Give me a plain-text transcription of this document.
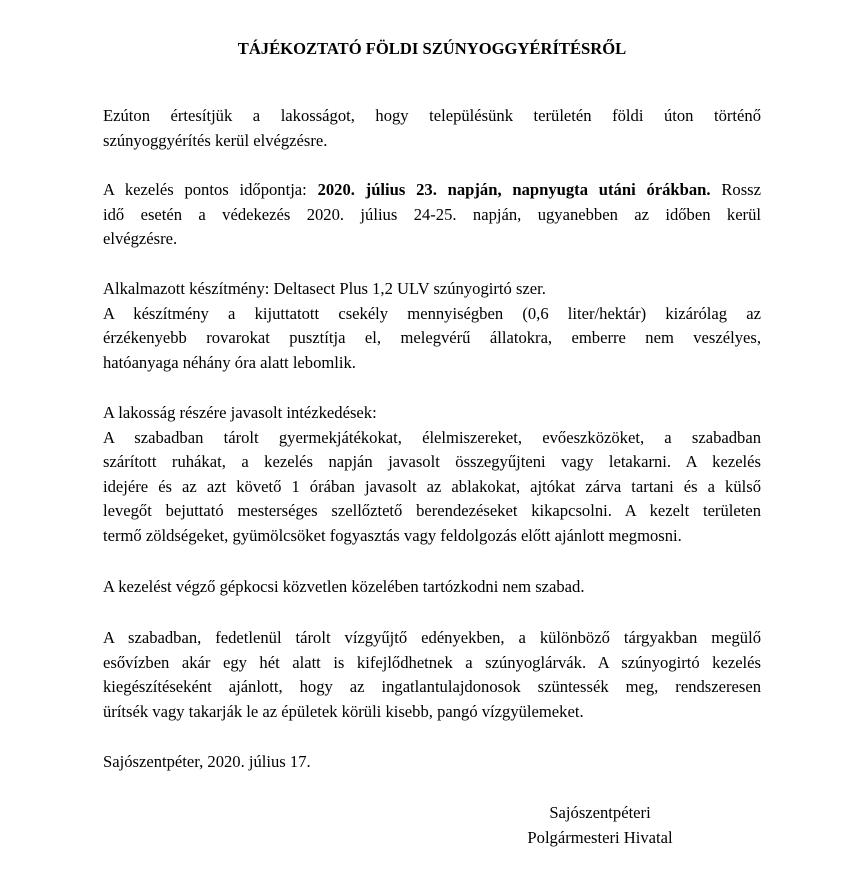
TÁJÉKOZTATÓ FÖLDI SZÚNYOGGYÉRÍTÉSRŐL

Ezúton értesítjük a lakosságot, hogy településünk területén földi úton történő
szúnyoggyérítés kerül elvégzésre.

A kezelés pontos időpontja: 2020. július 23. napján, napnyugta utáni órákban. Rossz
idő esetén a védekezés 2020. július 24-25. napján, ugyanebben az időben kerül
elvégzésre.

Alkalmazott készítmény: Deltasect Plus 1,2 ULV szúnyogirtó szer.
A készítmény a kijuttatott csekély mennyiségben (0,6 liter/hektár) kizárólag az
érzékenyebb rovarokat pusztítja el, melegvérű állatokra, emberre nem veszélyes,
hatóanyaga néhány óra alatt lebomlik.

A lakosság részére javasolt intézkedések:
A szabadban tárolt gyermekjátékokat, élelmiszereket, evőeszközöket, a szabadban
szárított ruhákat, a kezelés napján javasolt összegyűjteni vagy letakarni. A kezelés
idejére és az azt követő 1 órában javasolt az ablakokat, ajtókat zárva tartani és a külső
levegőt bejuttató mesterséges szellőztető berendezéseket kikapcsolni. A kezelt területen
termő zöldségeket, gyümölcsöket fogyasztás vagy feldolgozás előtt ajánlott megmosni.

A kezelést végző gépkocsi közvetlen közelében tartózkodni nem szabad.

A szabadban, fedetlenül tárolt vízgyűjtő edényekben, a különböző tárgyakban megülő
esővízben akár egy hét alatt is kifejlődhetnek a szúnyoglárvák. A szúnyogirtó kezelés
kiegészítéseként ajánlott, hogy az ingatlantulajdonosok szüntessék meg, rendszeresen
ürítsék vagy takarják le az épületek körüli kisebb, pangó vízgyülemeket.

Sajószentpéter, 2020. július 17.

Sajószentpéteri
Polgármesteri Hivatal
